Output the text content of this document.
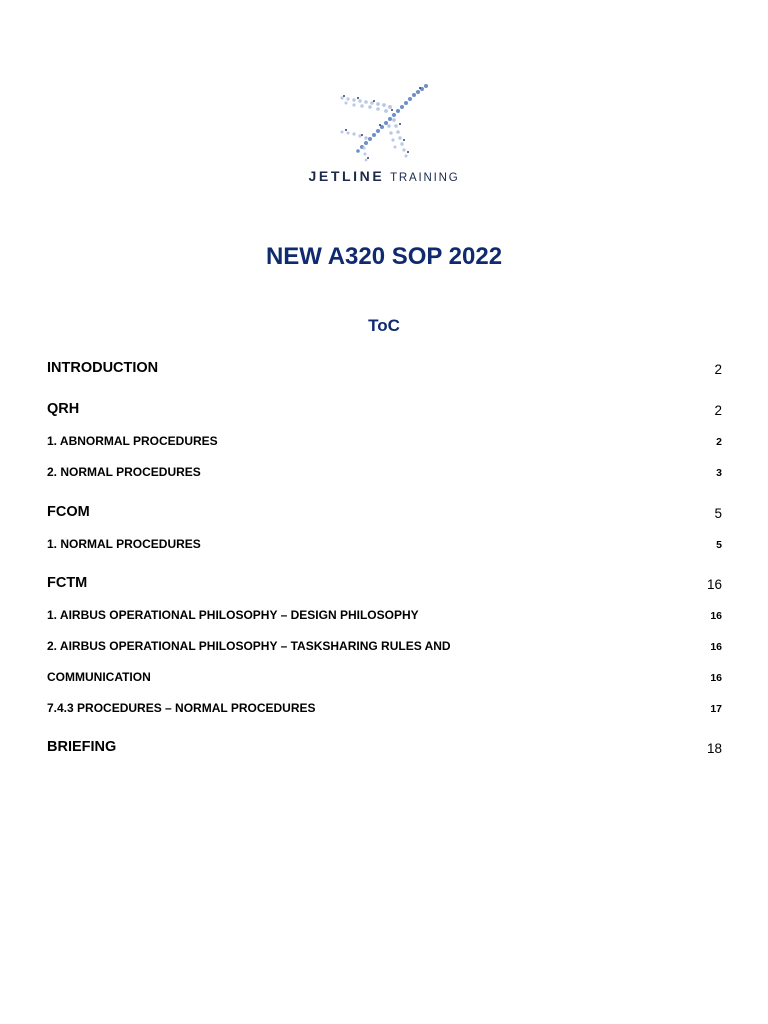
JETLINE TRAINING
NEW A320 SOP 2022
ToC
INTRODUCTION	2
QRH	2
1. ABNORMAL PROCEDURES	2
2. NORMAL PROCEDURES	3
FCOM	5
1. NORMAL PROCEDURES	5
FCTM	16
1. AIRBUS OPERATIONAL PHILOSOPHY – DESIGN PHILOSOPHY	16
2. AIRBUS OPERATIONAL PHILOSOPHY – TASKSHARING RULES AND	16
COMMUNICATION	16
7.4.3 PROCEDURES – NORMAL PROCEDURES	17
BRIEFING	18
